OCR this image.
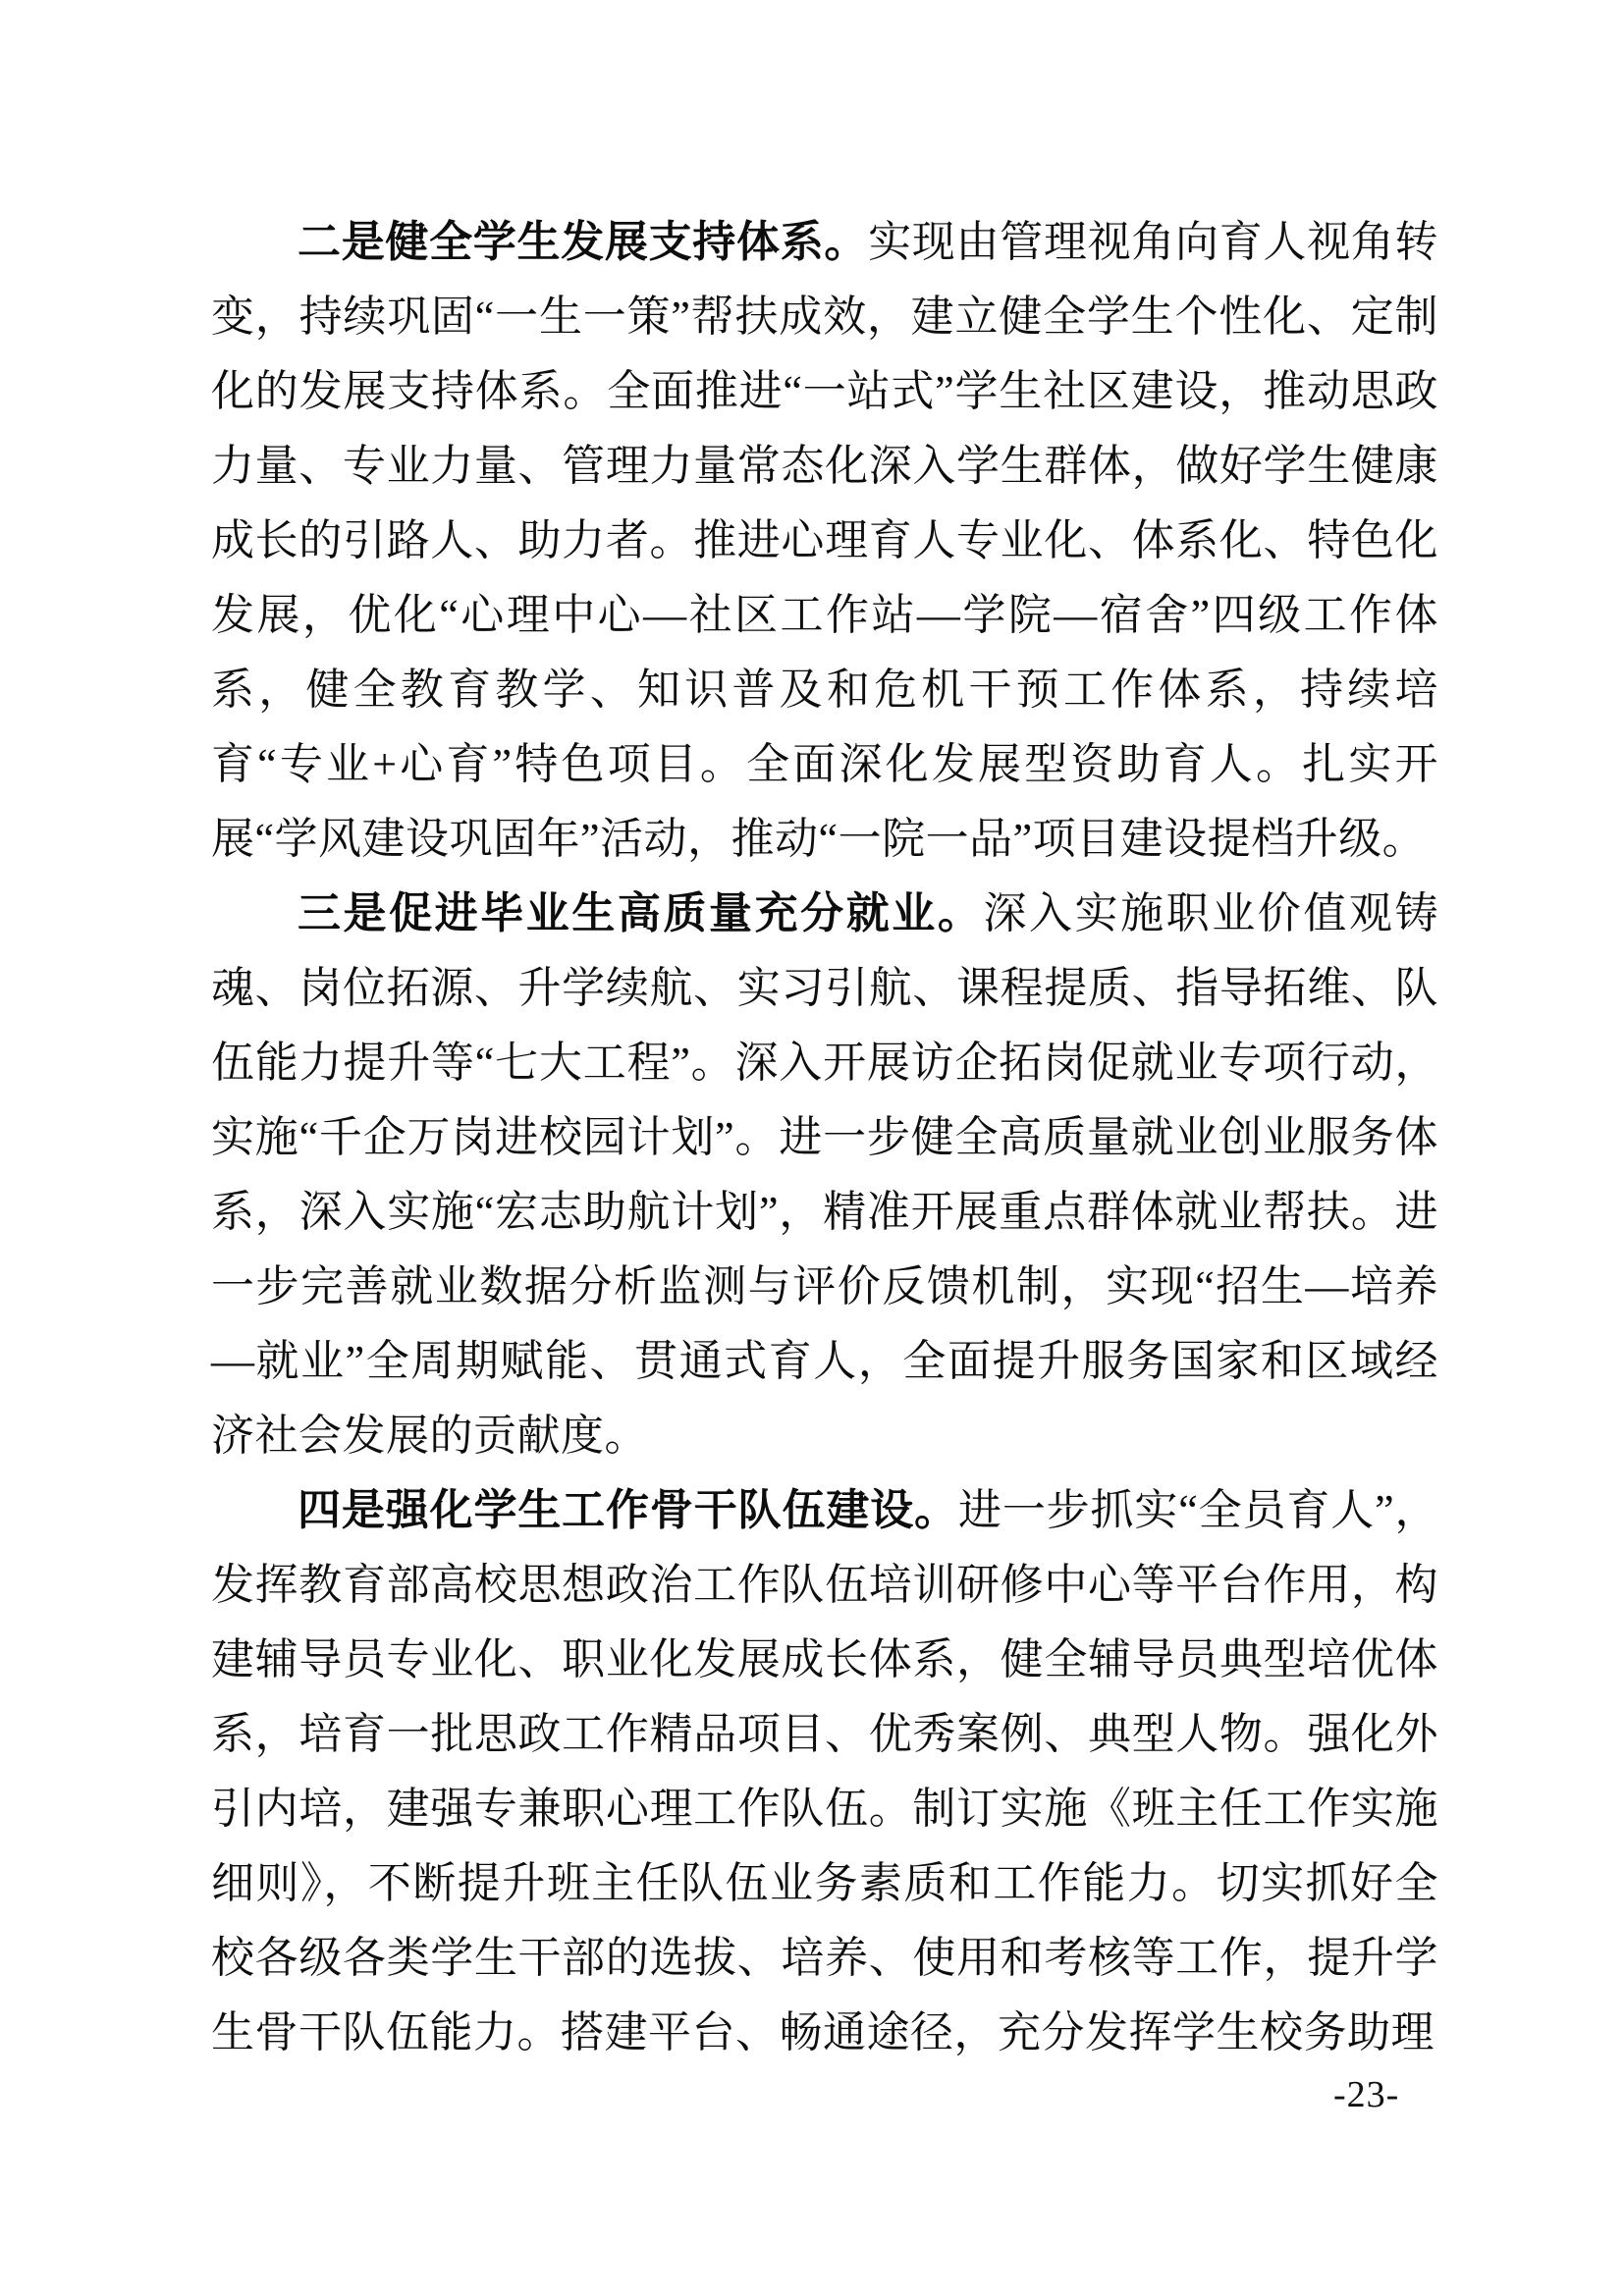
二是健全学生发展支持体系。实现由管理视角向育人视角转变，持续巩固“一生一策”帮扶成效，建立健全学生个性化、定制化的发展支持体系。全面推进“一站式”学生社区建设，推动思政力量、专业力量、管理力量常态化深入学生群体，做好学生健康成长的引路人、助力者。推进心理育人专业化、体系化、特色化发展，优化“心理中心—社区工作站—学院—宿舍”四级工作体系，健全教育教学、知识普及和危机干预工作体系，持续培育“专业+心育”特色项目。全面深化发展型资助育人。扎实开展“学风建设巩固年”活动，推动“一院一品”项目建设提档升级。

三是促进毕业生高质量充分就业。深入实施职业价值观铸魂、岗位拓源、升学续航、实习引航、课程提质、指导拓维、队伍能力提升等“七大工程”。深入开展访企拓岗促就业专项行动，实施“千企万岗进校园计划”。进一步健全高质量就业创业服务体系，深入实施“宏志助航计划”，精准开展重点群体就业帮扶。进一步完善就业数据分析监测与评价反馈机制，实现“招生—培养—就业”全周期赋能、贯通式育人，全面提升服务国家和区域经济社会发展的贡献度。

四是强化学生工作骨干队伍建设。进一步抓实“全员育人”，发挥教育部高校思想政治工作队伍培训研修中心等平台作用，构建辅导员专业化、职业化发展成长体系，健全辅导员典型培优体系，培育一批思政工作精品项目、优秀案例、典型人物。强化外引内培，建强专兼职心理工作队伍。制订实施《班主任工作实施细则》，不断提升班主任队伍业务素质和工作能力。切实抓好全校各级各类学生干部的选拔、培养、使用和考核等工作，提升学生骨干队伍能力。搭建平台、畅通途径，充分发挥学生校务助理

-23-
